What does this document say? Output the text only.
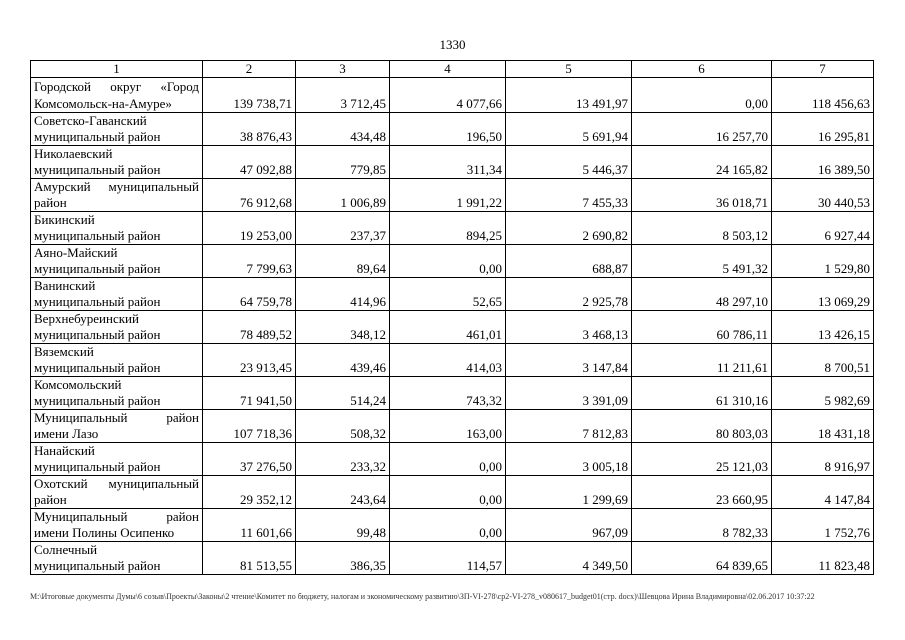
1330
1	2	3	4	5	6	7

Городской округ «Город
Комсомольск-на-Амуре»	139 738,71	3 712,45	4 077,66	13 491,97	0,00	118 456,63

Советско-Гаванский
муниципальный район	38 876,43	434,48	196,50	5 691,94	16 257,70	16 295,81

Николаевский
муниципальный район	47 092,88	779,85	311,34	5 446,37	24 165,82	16 389,50

Амурский муниципальный
район	76 912,68	1 006,89	1 991,22	7 455,33	36 018,71	30 440,53

Бикинский
муниципальный район	19 253,00	237,37	894,25	2 690,82	8 503,12	6 927,44

Аяно-Майский
муниципальный район	7 799,63	89,64	0,00	688,87	5 491,32	1 529,80

Ванинский
муниципальный район	64 759,78	414,96	52,65	2 925,78	48 297,10	13 069,29

Верхнебуреинский
муниципальный район	78 489,52	348,12	461,01	3 468,13	60 786,11	13 426,15

Вяземский
муниципальный район	23 913,45	439,46	414,03	3 147,84	11 211,61	8 700,51

Комсомольский
муниципальный район	71 941,50	514,24	743,32	3 391,09	61 310,16	5 982,69

Муниципальный район
имени Лазо	107 718,36	508,32	163,00	7 812,83	80 803,03	18 431,18

Нанайский
муниципальный район	37 276,50	233,32	0,00	3 005,18	25 121,03	8 916,97

Охотский муниципальный
район	29 352,12	243,64	0,00	1 299,69	23 660,95	4 147,84

Муниципальный район
имени Полины Осипенко	11 601,66	99,48	0,00	967,09	8 782,33	1 752,76

Солнечный
муниципальный район	81 513,55	386,35	114,57	4 349,50	64 839,65	11 823,48
M:\Итоговые документы Думы\6 созыв\Проекты\Законы\2 чтение\Комитет по бюджету, налогам и экономическому развитию\ЗП-VI-278\ср2-VI-278_v080617_budget01(стр. docx)\Шевцова Ирина Владимировна\02.06.2017 10:37:22
